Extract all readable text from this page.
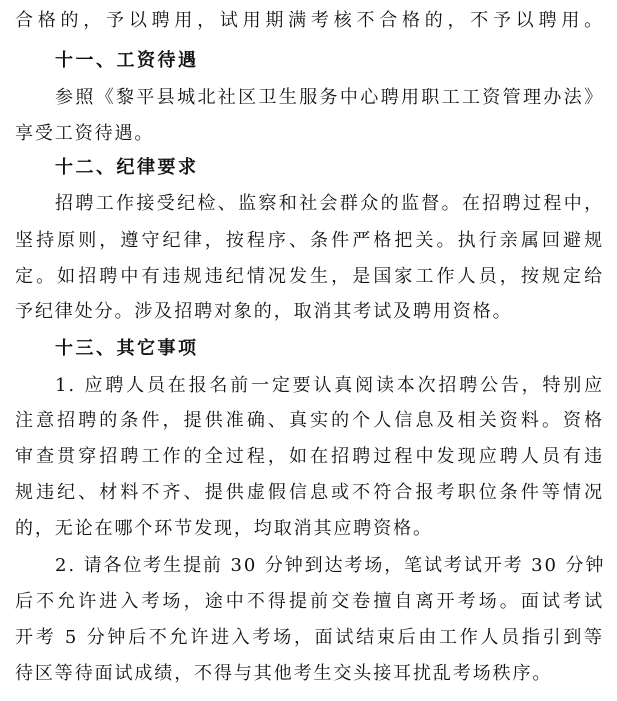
合格的，予以聘用，试用期满考核不合格的，不予以聘用。
十一、工资待遇
参照《黎平县城北社区卫生服务中心聘用职工工资管理办法》
享受工资待遇。
十二、纪律要求
招聘工作接受纪检、监察和社会群众的监督。在招聘过程中，
坚持原则，遵守纪律，按程序、条件严格把关。执行亲属回避规
定。如招聘中有违规违纪情况发生，是国家工作人员，按规定给
予纪律处分。涉及招聘对象的，取消其考试及聘用资格。
十三、其它事项
1. 应聘人员在报名前一定要认真阅读本次招聘公告，特别应
注意招聘的条件，提供准确、真实的个人信息及相关资料。资格
审查贯穿招聘工作的全过程，如在招聘过程中发现应聘人员有违
规违纪、材料不齐、提供虚假信息或不符合报考职位条件等情况
的，无论在哪个环节发现，均取消其应聘资格。
2. 请各位考生提前 30 分钟到达考场，笔试考试开考 30 分钟
后不允许进入考场，途中不得提前交卷擅自离开考场。面试考试
开考 5 分钟后不允许进入考场，面试结束后由工作人员指引到等
待区等待面试成绩，不得与其他考生交头接耳扰乱考场秩序。
